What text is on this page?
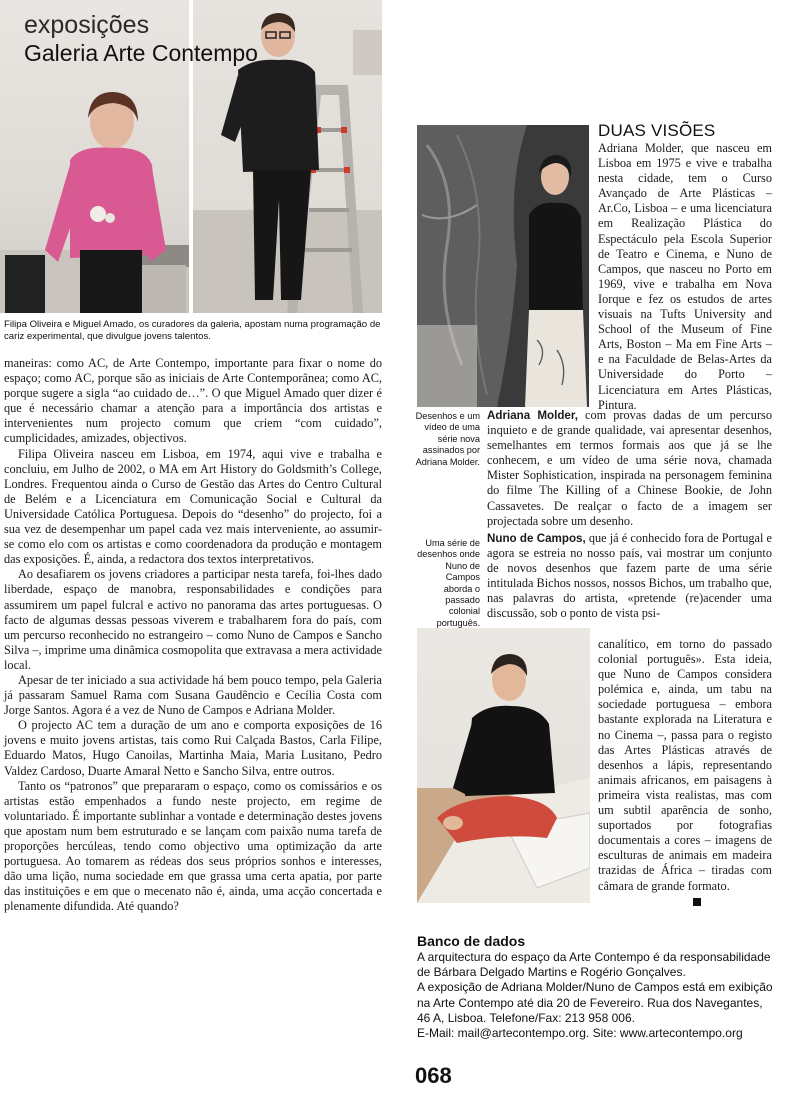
exposições
Galeria Arte Contempo
Filipa Oliveira e Miguel Amado, os curadores da galeria, apostam numa programação de cariz experimental, que divulgue jovens talentos.

maneiras: como AC, de Arte Contempo, importante para fixar o nome do espaço; como AC, porque são as iniciais de Arte Contemporânea; como AC, porque sugere a sigla “ao cuidado de…”. O que Miguel Amado quer dizer é que é necessário chamar a atenção para a importância dos artistas e intervenientes num projecto comum que criem “com cuidado”, cumplicidades, amizades, objectivos.

Filipa Oliveira nasceu em Lisboa, em 1974, aqui vive e trabalha e concluiu, em Julho de 2002, o MA em Art History do Goldsmith’s College, Londres. Frequentou ainda o Curso de Gestão das Artes do Centro Cultural de Belém e a Licenciatura em Comunicação Social e Cultural da Universidade Católica Portuguesa. Depois do “desenho” do projecto, foi a sua vez de desempenhar um papel cada vez mais interveniente, ao assumir-se como elo com os artistas e como coordenadora da produção e montagem das exposições. É, ainda, a redactora dos textos interpretativos.

Ao desafiarem os jovens criadores a participar nesta tarefa, foi-lhes dado liberdade, espaço de manobra, responsabilidades e condições para assumirem um papel fulcral e activo no panorama das artes portuguesas. O facto de algumas dessas pessoas viverem e trabalharem fora do país, com um percurso reconhecido no estrangeiro – como Nuno de Campos e Sancho Silva –, imprime uma dinâmica cosmopolita que extravasa a mera actividade local.

Apesar de ter iniciado a sua actividade há bem pouco tempo, pela Galeria já passaram Samuel Rama com Susana Gaudêncio e Cecília Costa com Jorge Santos. Agora é a vez de Nuno de Campos e Adriana Molder.

O projecto AC tem a duração de um ano e comporta exposições de 16 jovens e muito jovens artistas, tais como Rui Calçada Bastos, Carla Filipe, Eduardo Matos, Hugo Canoilas, Martinha Maia, Maria Lusitano, Pedro Valdez Cardoso, Duarte Amaral Netto e Sancho Silva, entre outros.

Tanto os “patronos” que prepararam o espaço, como os comissários e os artistas estão empenhados a fundo neste projecto, em regime de voluntariado. É importante sublinhar a vontade e determinação destes jovens que apostam num bem estruturado e se lançam com paixão numa tarefa de proporções hercúleas, tendo como objectivo uma optimização da arte portuguesa. Ao tomarem as rédeas dos seus próprios sonhos e interesses, dão uma lição, numa sociedade em que grassa uma certa apatia, por parte das instituições e em que o mecenato não é, ainda, uma acção concertada e plenamente difundida. Até quando?

DUAS VISÕES
Adriana Molder, que nasceu em Lisboa em 1975 e vive e trabalha nesta cidade, tem o Curso Avançado de Arte Plásticas – Ar.Co, Lisboa – e uma licenciatura em Realização Plástica do Espectáculo pela Escola Superior de Teatro e Cinema, e Nuno de Campos, que nasceu no Porto em 1969, vive e trabalha em Nova Iorque e fez os estudos de artes visuais na Tufts University and School of the Museum of Fine Arts, Boston – Ma em Fine Arts – e na Faculdade de Belas-Artes da Universidade do Porto – Licenciatura em Artes Plásticas, Pintura.
Desenhos e um vídeo de uma série nova assinados por Adriana Molder.

Adriana Molder, com provas dadas de um percurso inquieto e de grande qualidade, vai apresentar desenhos, semelhantes em termos formais aos que já se lhe conhecem, e um vídeo de uma série nova, chamada Mister Sophistication, inspirada na personagem feminina do filme The Killing of a Chinese Bookie, de John Cassavetes. De realçar o facto de a imagem ser projectada sobre um desenho.

Uma série de desenhos onde Nuno de Campos aborda o passado colonial português.

Nuno de Campos, que já é conhecido fora de Portugal e agora se estreia no nosso país, vai mostrar um conjunto de novos desenhos que fazem parte de uma série intitulada Bichos nossos, nossos Bichos, um trabalho que, nas palavras do artista, «pretende (re)acender uma discussão, sob o ponto de vista psi-

canalítico, em torno do passado colonial português». Esta ideia, que Nuno de Campos considera polémica e, ainda, um tabu na sociedade portuguesa – embora bastante explorada na Literatura e no Cinema –, passa para o registo das Artes Plásticas através de desenhos a lápis, representando animais africanos, em paisagens à primeira vista realistas, mas com um subtil aparência de sonho, suportados por fotografias documentais a cores – imagens de esculturas de animais em madeira trazidas de África – tiradas com câmara de grande formato.
Banco de dados
A arquitectura do espaço da Arte Contempo é da responsabilidade de Bárbara Delgado Martins e Rogério Gonçalves.
A exposição de Adriana Molder/Nuno de Campos está em exibição na Arte Contempo até dia 20 de Fevereiro. Rua dos Navegantes, 46 A, Lisboa. Telefone/Fax: 213 958 006.
E-Mail: mail@artecontempo.org. Site: www.artecontempo.org
068
